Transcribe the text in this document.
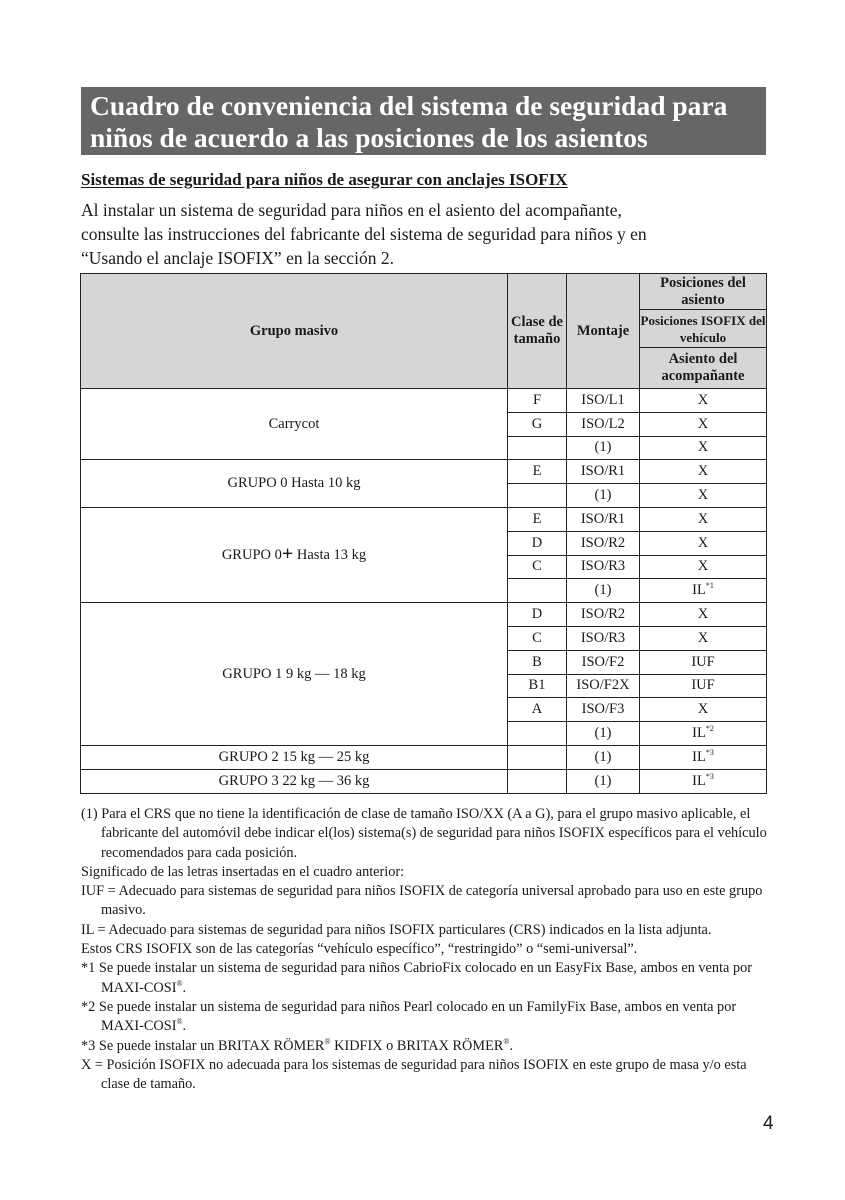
Cuadro de conveniencia del sistema de seguridad para
niños de acuerdo a las posiciones de los asientos
Sistemas de seguridad para niños de asegurar con anclajes ISOFIX
Al instalar un sistema de seguridad para niños en el asiento del acompañante,
consulte las instrucciones del fabricante del sistema de seguridad para niños y en
“Usando el anclaje ISOFIX” en la sección 2.
Grupo masivo	Clase de tamaño	Montaje	Posiciones del asiento
			Posiciones ISOFIX del vehículo
			Asiento del acompañante
Carrycot	F	ISO/L1	X
	G	ISO/L2	X
		(1)	X
GRUPO 0 Hasta 10 kg	E	ISO/R1	X
		(1)	X
GRUPO 0+ Hasta 13 kg	E	ISO/R1	X
	D	ISO/R2	X
	C	ISO/R3	X
		(1)	IL$^{*1}$
GRUPO 1 9 kg — 18 kg	D	ISO/R2	X
	C	ISO/R3	X
	B	ISO/F2	IUF
	B1	ISO/F2X	IUF
	A	ISO/F3	X
		(1)	IL$^{*2}$
GRUPO 2 15 kg — 25 kg		(1)	IL$^{*3}$
GRUPO 3 22 kg — 36 kg		(1)	IL$^{*3}$

(1) Para el CRS que no tiene la identificación de clase de tamaño ISO/XX (A a G), para el grupo masivo aplicable, el fabricante del automóvil debe indicar el(los) sistema(s) de seguridad para niños ISOFIX específicos para el vehículo recomendados para cada posición.

Significado de las letras insertadas en el cuadro anterior:

IUF = Adecuado para sistemas de seguridad para niños ISOFIX de categoría universal aprobado para uso en este grupo masivo.

IL = Adecuado para sistemas de seguridad para niños ISOFIX particulares (CRS) indicados en la lista adjunta.

Estos CRS ISOFIX son de las categorías “vehículo específico”, “restringido” o “semi-universal”.

*1 Se puede instalar un sistema de seguridad para niños CabrioFix colocado en un EasyFix Base, ambos en venta por MAXI-COSI®.

*2 Se puede instalar un sistema de seguridad para niños Pearl colocado en un FamilyFix Base, ambos en venta por MAXI-COSI®.

*3 Se puede instalar un BRITAX RÖMER® KIDFIX o BRITAX RÖMER®.

X = Posición ISOFIX no adecuada para los sistemas de seguridad para niños ISOFIX en este grupo de masa y/o esta clase de tamaño.

4
